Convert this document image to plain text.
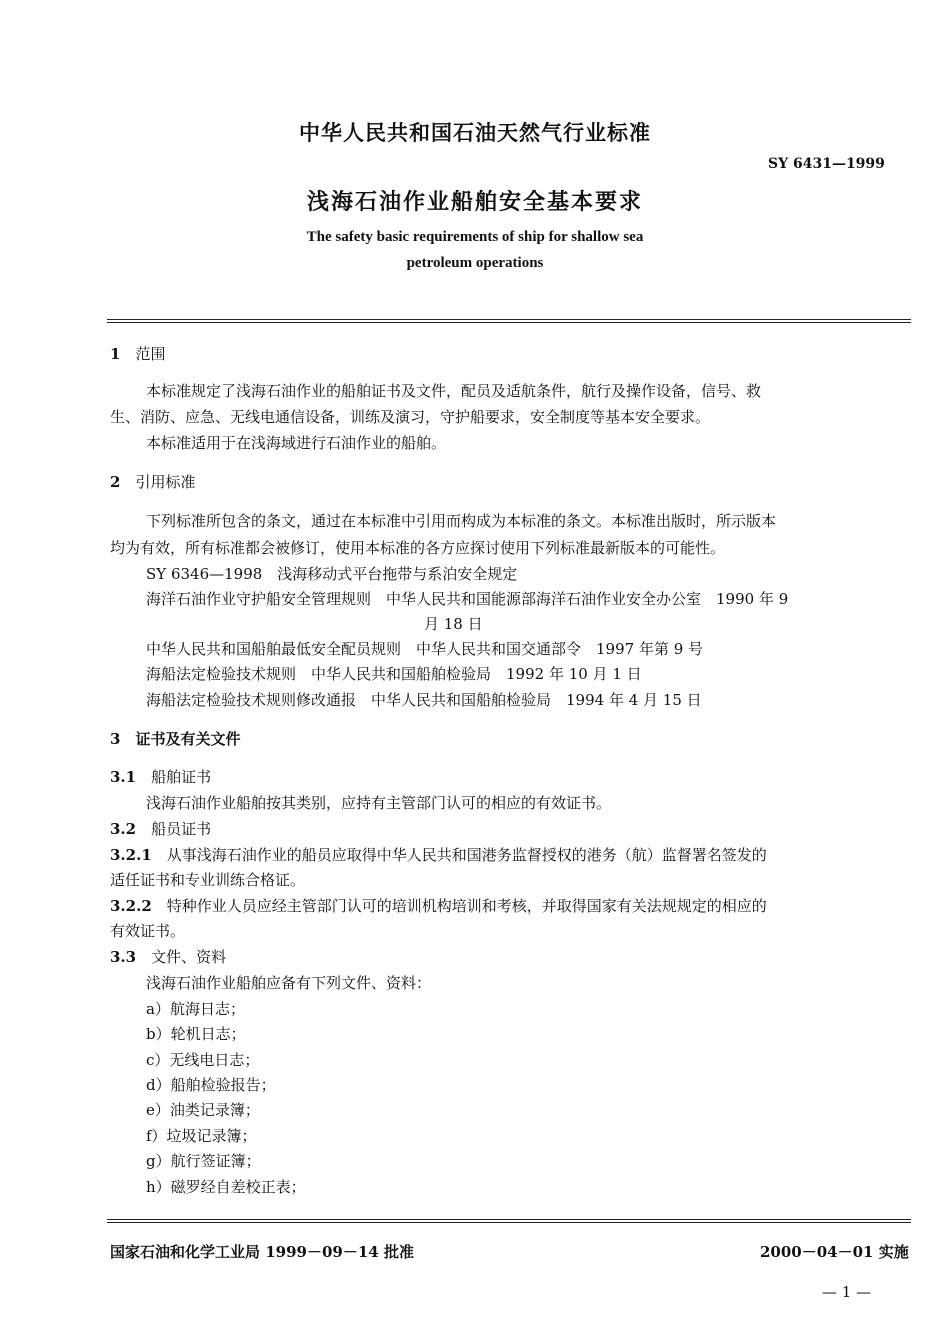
中华人民共和国石油天然气行业标准
SY 6431—1999
浅海石油作业船舶安全基本要求
The safety basic requirements of ship for shallow sea
petroleum operations
1　 范围
本标准规定了浅海石油作业的船舶证书及文件，配员及适航条件，航行及操作设备，信号、救
生、消防、应急、无线电通信设备，训练及演习，守护船要求，安全制度等基本安全要求。
本标准适用于在浅海域进行石油作业的船舶。
2　 引用标准
下列标准所包含的条文，通过在本标准中引用而构成为本标准的条文。本标准出版时，所示版本
均为有效，所有标准都会被修订，使用本标准的各方应探讨使用下列标准最新版本的可能性。
SY 6346—1998　浅海移动式平台拖带与系泊安全规定
海洋石油作业守护船安全管理规则　中华人民共和国能源部海洋石油作业安全办公室　1990 年 9
月 18 日
中华人民共和国船舶最低安全配员规则　中华人民共和国交通部令　1997 年第 9 号
海船法定检验技术规则　中华人民共和国船舶检验局　1992 年 10 月 1 日
海船法定检验技术规则修改通报　中华人民共和国船舶检验局　1994 年 4 月 15 日
3　 证书及有关文件
3.1　 船舶证书
浅海石油作业船舶按其类别，应持有主管部门认可的相应的有效证书。
3.2　 船员证书
3.2.1　 从事浅海石油作业的船员应取得中华人民共和国港务监督授权的港务（航）监督署名签发的
适任证书和专业训练合格证。
3.2.2　 特种作业人员应经主管部门认可的培训机构培训和考核，并取得国家有关法规规定的相应的
有效证书。
3.3　 文件、资料
浅海石油作业船舶应备有下列文件、资料：
a）航海日志；
b）轮机日志；
c）无线电日志；
d）船舶检验报告；
e）油类记录簿；
f）垃圾记录簿；
g）航行签证簿；
h）磁罗经自差校正表；
国家石油和化学工业局 1999－09－14 批准	2000－04－01 实施
— 1 —
